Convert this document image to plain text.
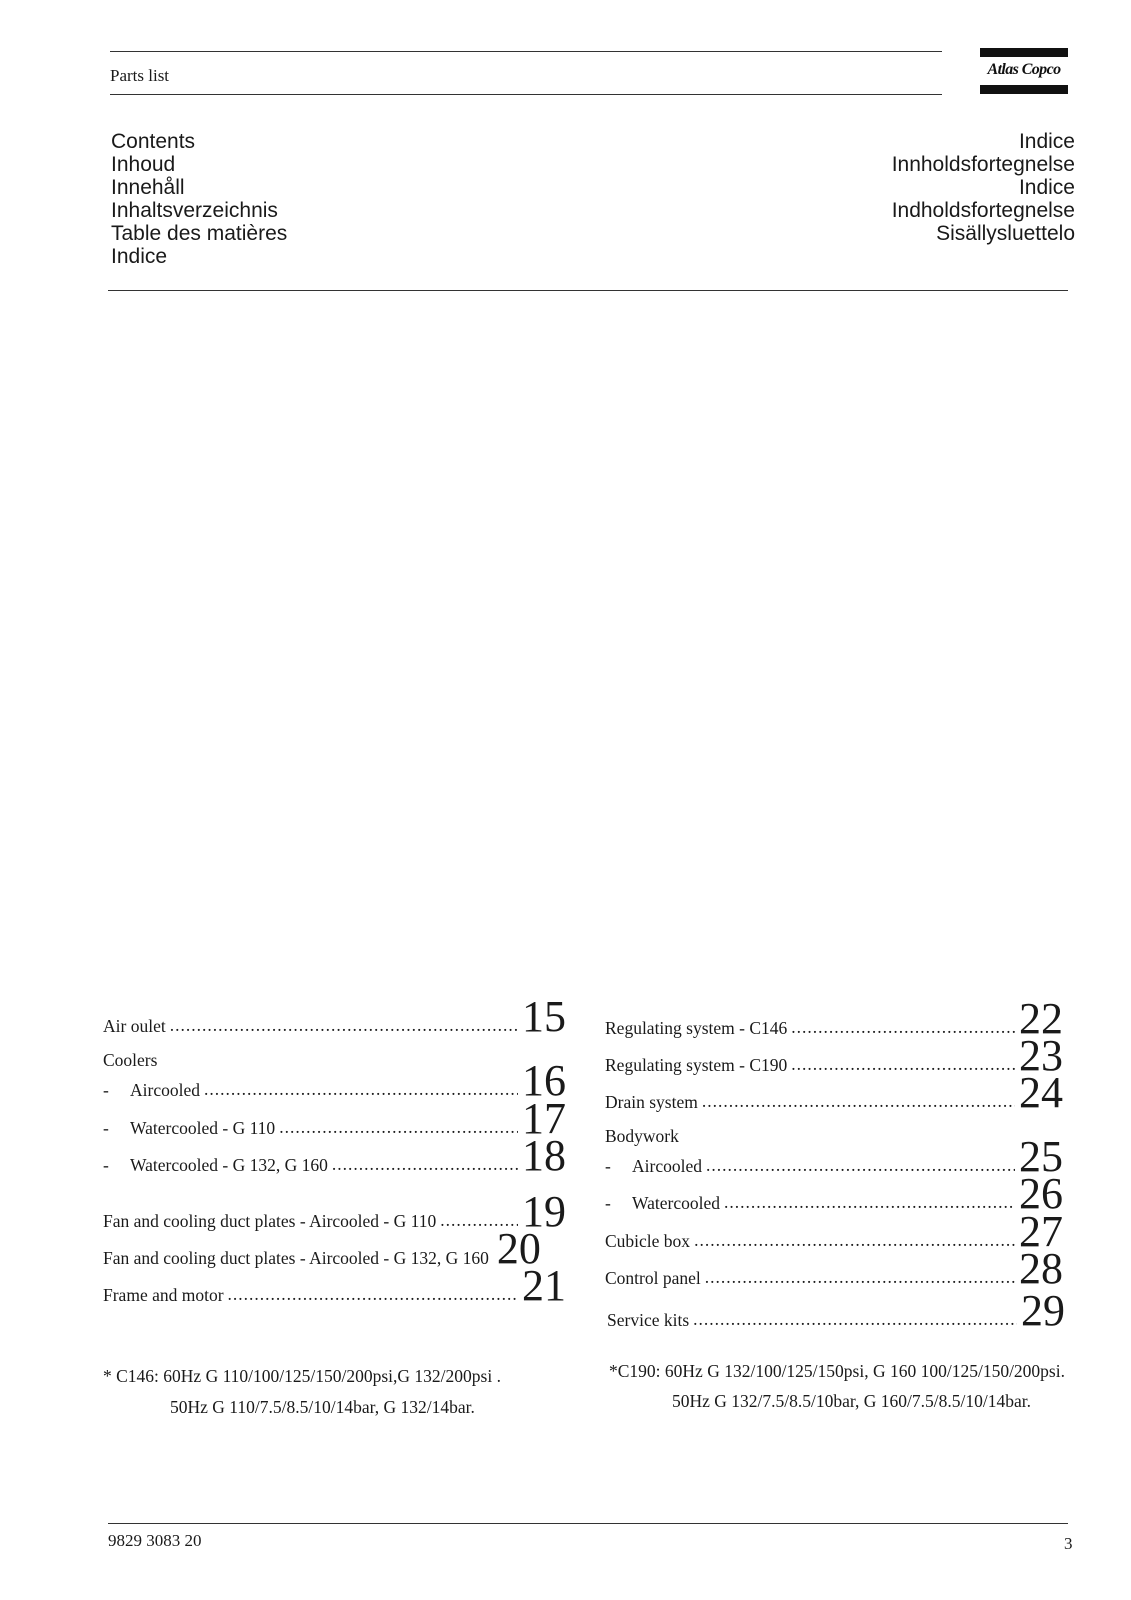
Parts list	Atlas Copco
Contents
Inhoud
Innehåll
Inhaltsverzeichnis
Table des matières
Indice
Indice
Innholdsfortegnelse
Indice
Indholdsfortegnelse
Sisällysluettelo
Air oulet .....	15
Coolers
-	Aircooled .....	16
-	Watercooled - G 110 .....	17
-	Watercooled - G 132, G 160 .....	18
Fan and cooling duct plates - Aircooled - G 110 ..... 19
Fan and cooling duct plates - Aircooled - G 132, G 160 20
Frame and motor .....	21
Regulating system - C146 .....	22
Regulating system - C190 .....	23
Drain system .....	24
Bodywork
-	Aircooled .....	25
-	Watercooled .....	26
Cubicle box .....	27
Control panel .....	28
Service kits .....	29
* C146: 60Hz G 110/100/125/150/200psi,G 132/200psi .
50Hz G 110/7.5/8.5/10/14bar, G 132/14bar.
*C190: 60Hz G 132/100/125/150psi, G 160 100/125/150/200psi.
50Hz G 132/7.5/8.5/10bar, G 160/7.5/8.5/10/14bar.
9829 3083 20	3
